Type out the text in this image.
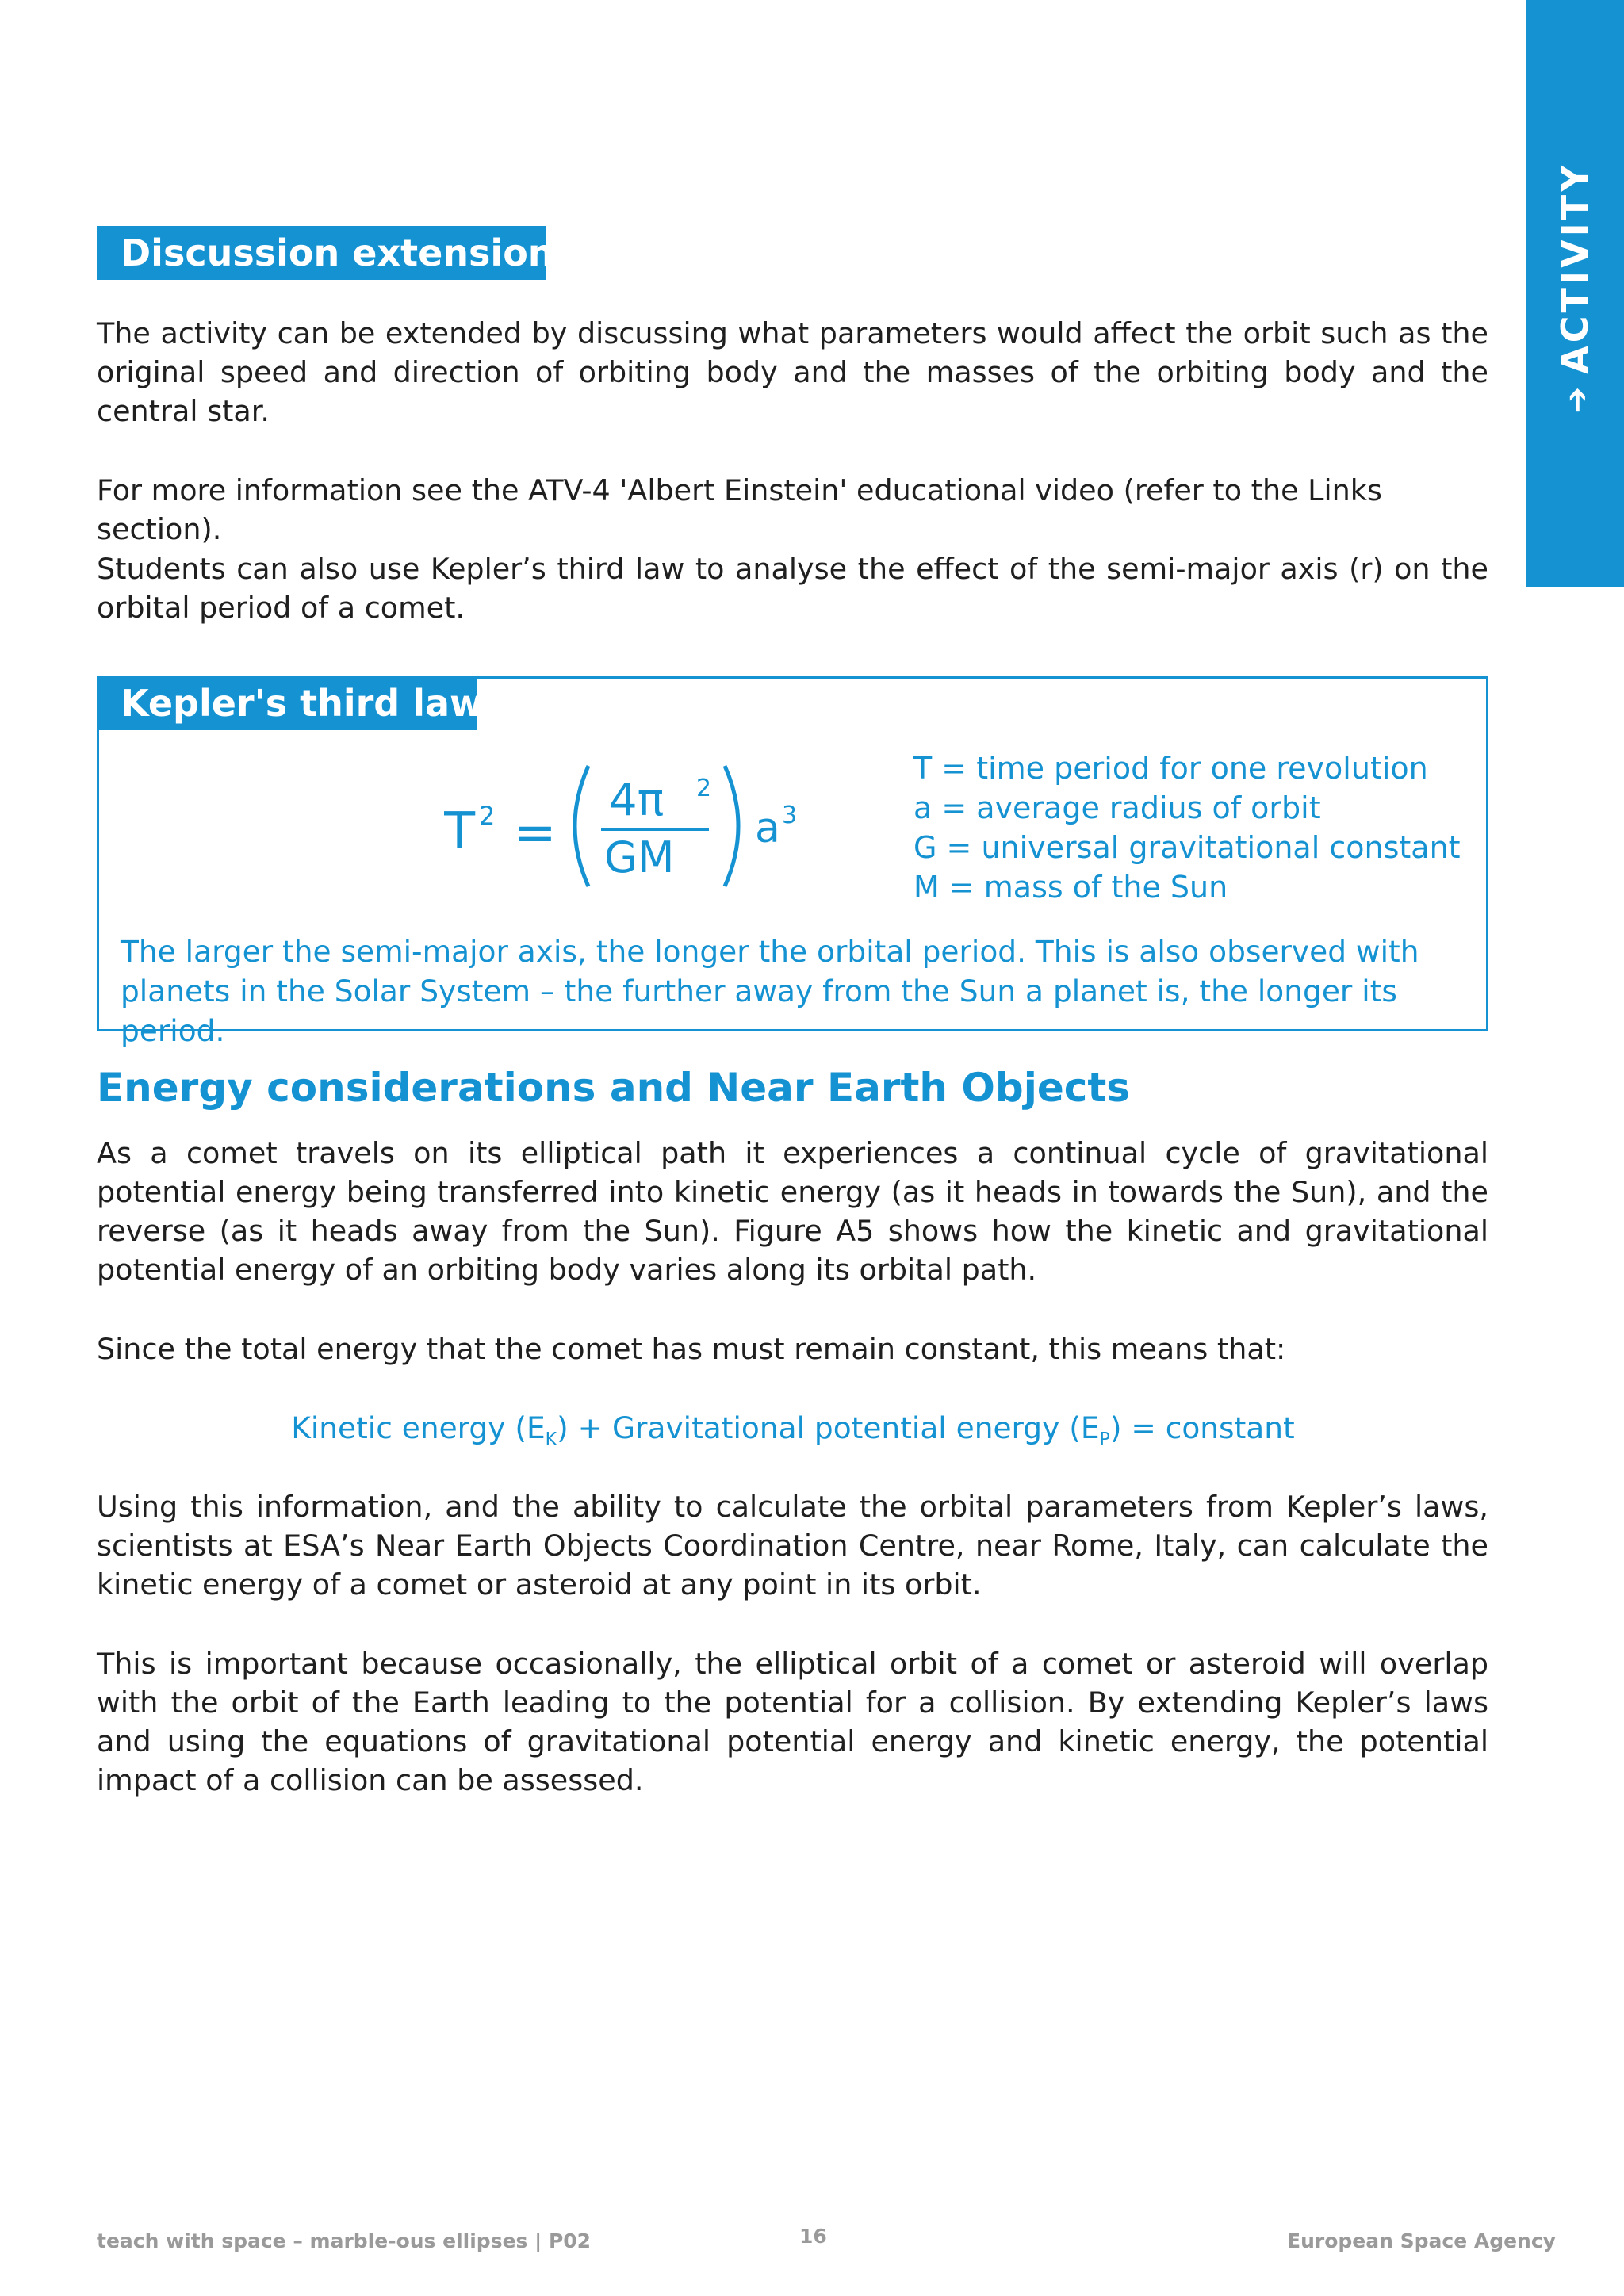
➔ACTIVITY
Discussion extension

The activity can be extended by discussing what parameters would affect the orbit such as the original speed and direction of orbiting body and the masses of the orbiting body and the central star.

For more information see the ATV-4 'Albert Einstein' educational video (refer to the Links section).

Students can also use Kepler’s third law to analyse the effect of the semi-major axis (r) on the orbital period of a comet.

Kepler's third law
T 2 =
4π 2
GM
a 3
T = time period for one revolution
a = average radius of orbit
G = universal gravitational constant
M = mass of the Sun
The larger the semi-major axis, the longer the orbital period. This is also observed with planets in the Solar System – the further away from the Sun a planet is, the longer its period.
Energy considerations and Near Earth Objects

As a comet travels on its elliptical path it experiences a continual cycle of gravitational potential energy being transferred into kinetic energy (as it heads in towards the Sun), and the reverse (as it heads away from the Sun). Figure A5 shows how the kinetic and gravitational potential energy of an orbiting body varies along its orbital path.

Since the total energy that the comet has must remain constant, this means that:

Kinetic energy $(E_K)$ + Gravitational potential energy $(E_P)$ = constant

Using this information, and the ability to calculate the orbital parameters from Kepler’s laws, scientists at ESA’s Near Earth Objects Coordination Centre, near Rome, Italy, can calculate the kinetic energy of a comet or asteroid at any point in its orbit.

This is important because occasionally, the elliptical orbit of a comet or asteroid will overlap with the orbit of the Earth leading to the potential for a collision. By extending Kepler’s laws and using the equations of gravitational potential energy and kinetic energy, the potential impact of a collision can be assessed.

teach with space – marble-ous ellipses | P02	16	European Space Agency
